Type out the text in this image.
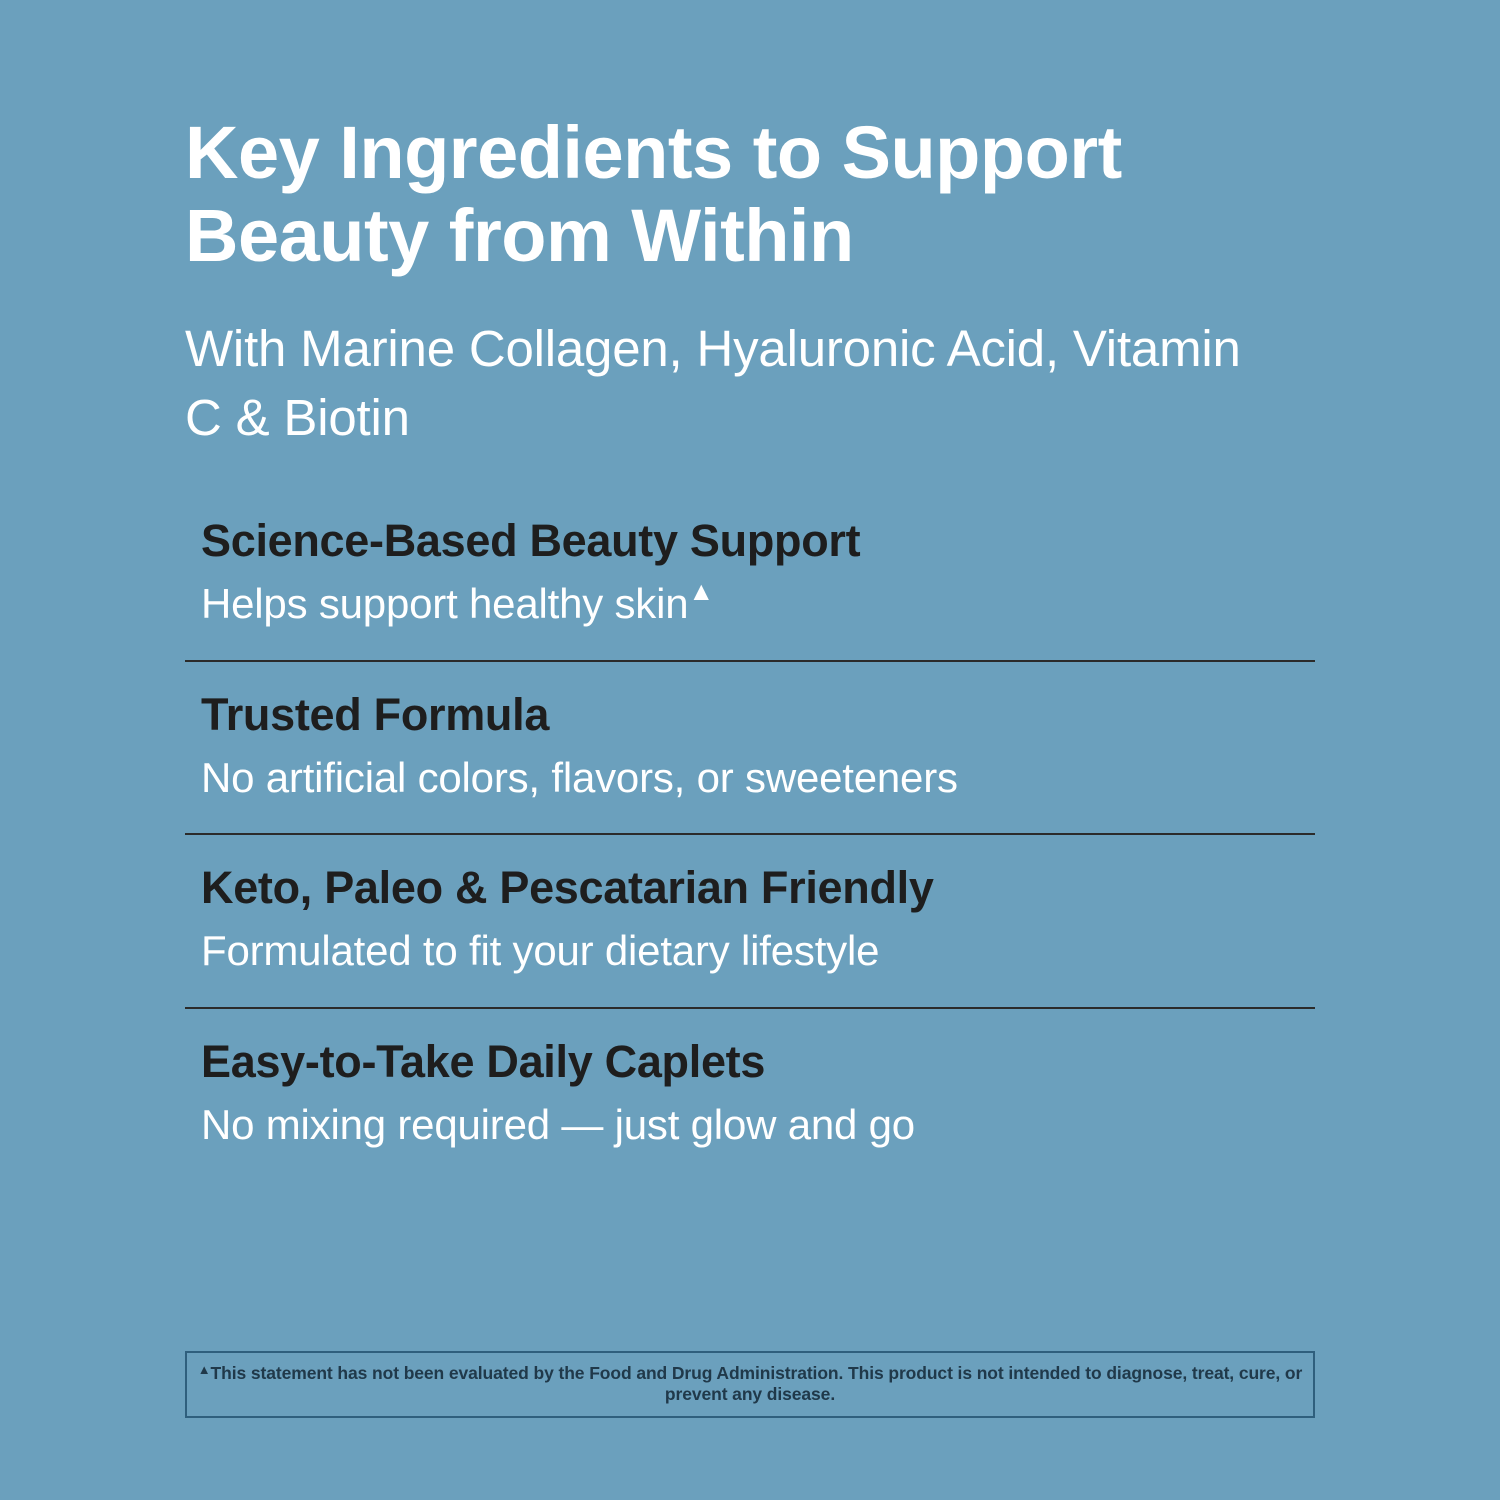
Key Ingredients to Support Beauty from Within

With Marine Collagen, Hyaluronic Acid, Vitamin C & Biotin

Science-Based Beauty Support

Helps support healthy skin▲

Trusted Formula

No artificial colors, flavors, or sweeteners

Keto, Paleo & Pescatarian Friendly

Formulated to fit your dietary lifestyle

Easy-to-Take Daily Caplets

No mixing required — just glow and go

▲This statement has not been evaluated by the Food and Drug Administration. This product is not intended to diagnose, treat, cure, or prevent any disease.
